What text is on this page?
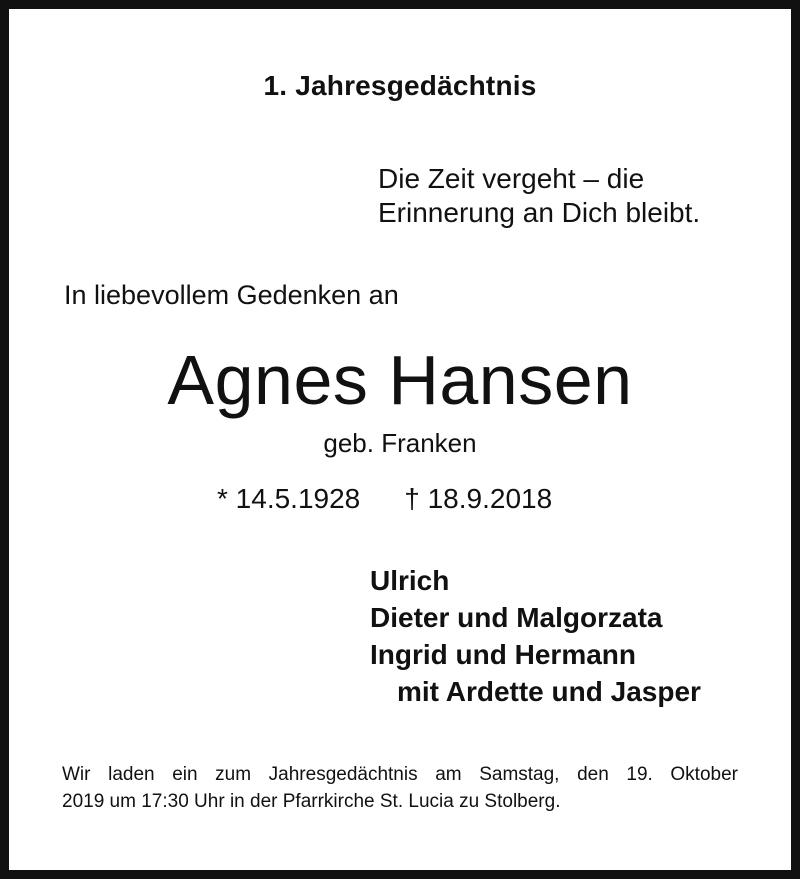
1. Jahresgedächtnis
Die Zeit vergeht – die
Erinnerung an Dich bleibt.
In liebevollem Gedenken an
Agnes Hansen
geb. Franken
* 14.5.1928 † 18.9.2018
Ulrich
Dieter und Malgorzata
Ingrid und Hermann
mit Ardette und Jasper
Wir laden ein zum Jahresgedächtnis am Samstag, den 19. Oktober
2019 um 17:30 Uhr in der Pfarrkirche St. Lucia zu Stolberg.
